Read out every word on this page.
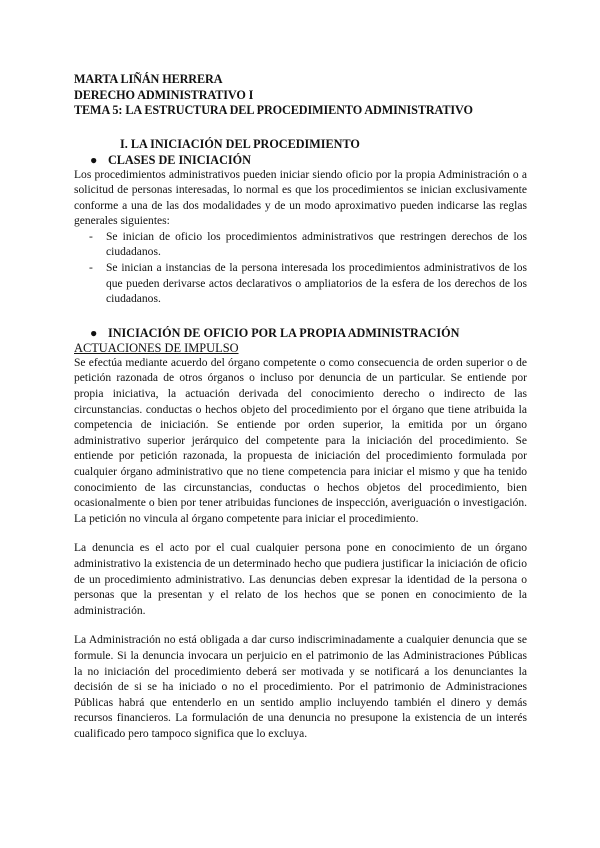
MARTA LIÑÁN HERRERA
DERECHO ADMINISTRATIVO I
TEMA 5: LA ESTRUCTURA DEL PROCEDIMIENTO ADMINISTRATIVO
I. LA INICIACIÓN DEL PROCEDIMIENTO
● CLASES DE INICIACIÓN

Los procedimientos administrativos pueden iniciar siendo oficio por la propia Administración o a solicitud de personas interesadas, lo normal es que los procedimientos se inician exclusivamente conforme a una de las dos modalidades y de un modo aproximativo pueden indicarse las reglas generales siguientes:

- Se inician de oficio los procedimientos administrativos que restringen derechos de los ciudadanos.
- Se inician a instancias de la persona interesada los procedimientos administrativos de los que pueden derivarse actos declarativos o ampliatorios de la esfera de los derechos de los ciudadanos.
● INICIACIÓN DE OFICIO POR LA PROPIA ADMINISTRACIÓN
ACTUACIONES DE IMPULSO

Se efectúa mediante acuerdo del órgano competente o como consecuencia de orden superior o de petición razonada de otros órganos o incluso por denuncia de un particular. Se entiende por propia iniciativa, la actuación derivada del conocimiento derecho o indirecto de las circunstancias. conductas o hechos objeto del procedimiento por el órgano que tiene atribuida la competencia de iniciación. Se entiende por orden superior, la emitida por un órgano administrativo superior jerárquico del competente para la iniciación del procedimiento. Se entiende por petición razonada, la propuesta de iniciación del procedimiento formulada por cualquier órgano administrativo que no tiene competencia para iniciar el mismo y que ha tenido conocimiento de las circunstancias, conductas o hechos objetos del procedimiento, bien ocasionalmente o bien por tener atribuidas funciones de inspección, averiguación o investigación. La petición no vincula al órgano competente para iniciar el procedimiento.

La denuncia es el acto por el cual cualquier persona pone en conocimiento de un órgano administrativo la existencia de un determinado hecho que pudiera justificar la iniciación de oficio de un procedimiento administrativo. Las denuncias deben expresar la identidad de la persona o personas que la presentan y el relato de los hechos que se ponen en conocimiento de la administración.

La Administración no está obligada a dar curso indiscriminadamente a cualquier denuncia que se formule. Si la denuncia invocara un perjuicio en el patrimonio de las Administraciones Públicas la no iniciación del procedimiento deberá ser motivada y se notificará a los denunciantes la decisión de si se ha iniciado o no el procedimiento. Por el patrimonio de Administraciones Públicas habrá que entenderlo en un sentido amplio incluyendo también el dinero y demás recursos financieros. La formulación de una denuncia no presupone la existencia de un interés cualificado pero tampoco significa que lo excluya.
